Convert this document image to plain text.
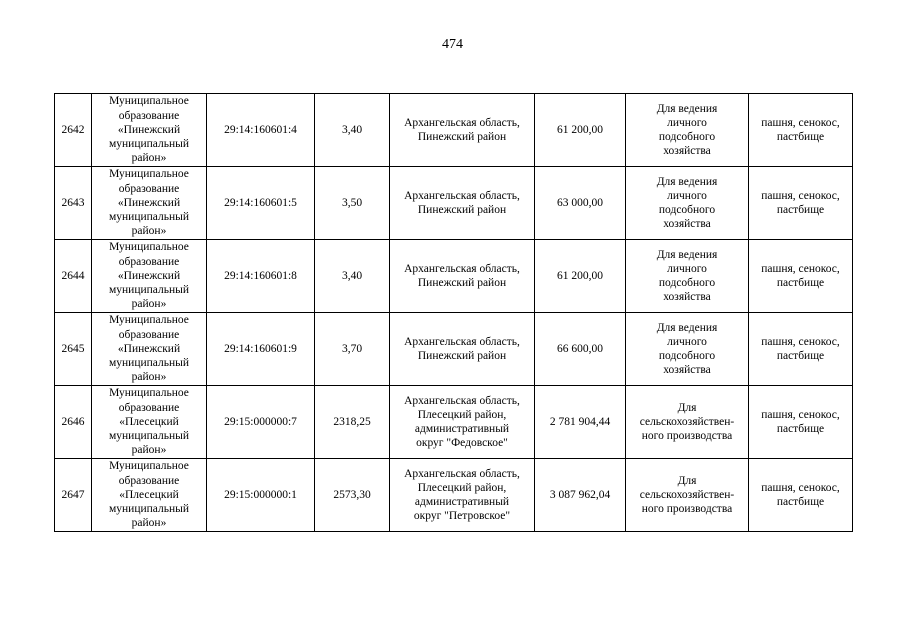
474
2642	Муниципальное
образование
«Пинежский
муниципальный
район»	29:14:160601:4	3,40	Архангельская область,
Пинежский район	61 200,00	Для ведения
личного
подсобного
хозяйства	пашня, сенокос,
пастбище
2643	Муниципальное
образование
«Пинежский
муниципальный
район»	29:14:160601:5	3,50	Архангельская область,
Пинежский район	63 000,00	Для ведения
личного
подсобного
хозяйства	пашня, сенокос,
пастбище
2644	Муниципальное
образование
«Пинежский
муниципальный
район»	29:14:160601:8	3,40	Архангельская область,
Пинежский район	61 200,00	Для ведения
личного
подсобного
хозяйства	пашня, сенокос,
пастбище
2645	Муниципальное
образование
«Пинежский
муниципальный
район»	29:14:160601:9	3,70	Архангельская область,
Пинежский район	66 600,00	Для ведения
личного
подсобного
хозяйства	пашня, сенокос,
пастбище
2646	Муниципальное
образование
«Плесецкий
муниципальный
район»	29:15:000000:7	2318,25	Архангельская область,
Плесецкий район,
административный
округ "Федовское"	2 781 904,44	Для
сельскохозяйствен-
ного производства	пашня, сенокос,
пастбище
2647	Муниципальное
образование
«Плесецкий
муниципальный
район»	29:15:000000:1	2573,30	Архангельская область,
Плесецкий район,
административный
округ "Петровское"	3 087 962,04	Для
сельскохозяйствен-
ного производства	пашня, сенокос,
пастбище
